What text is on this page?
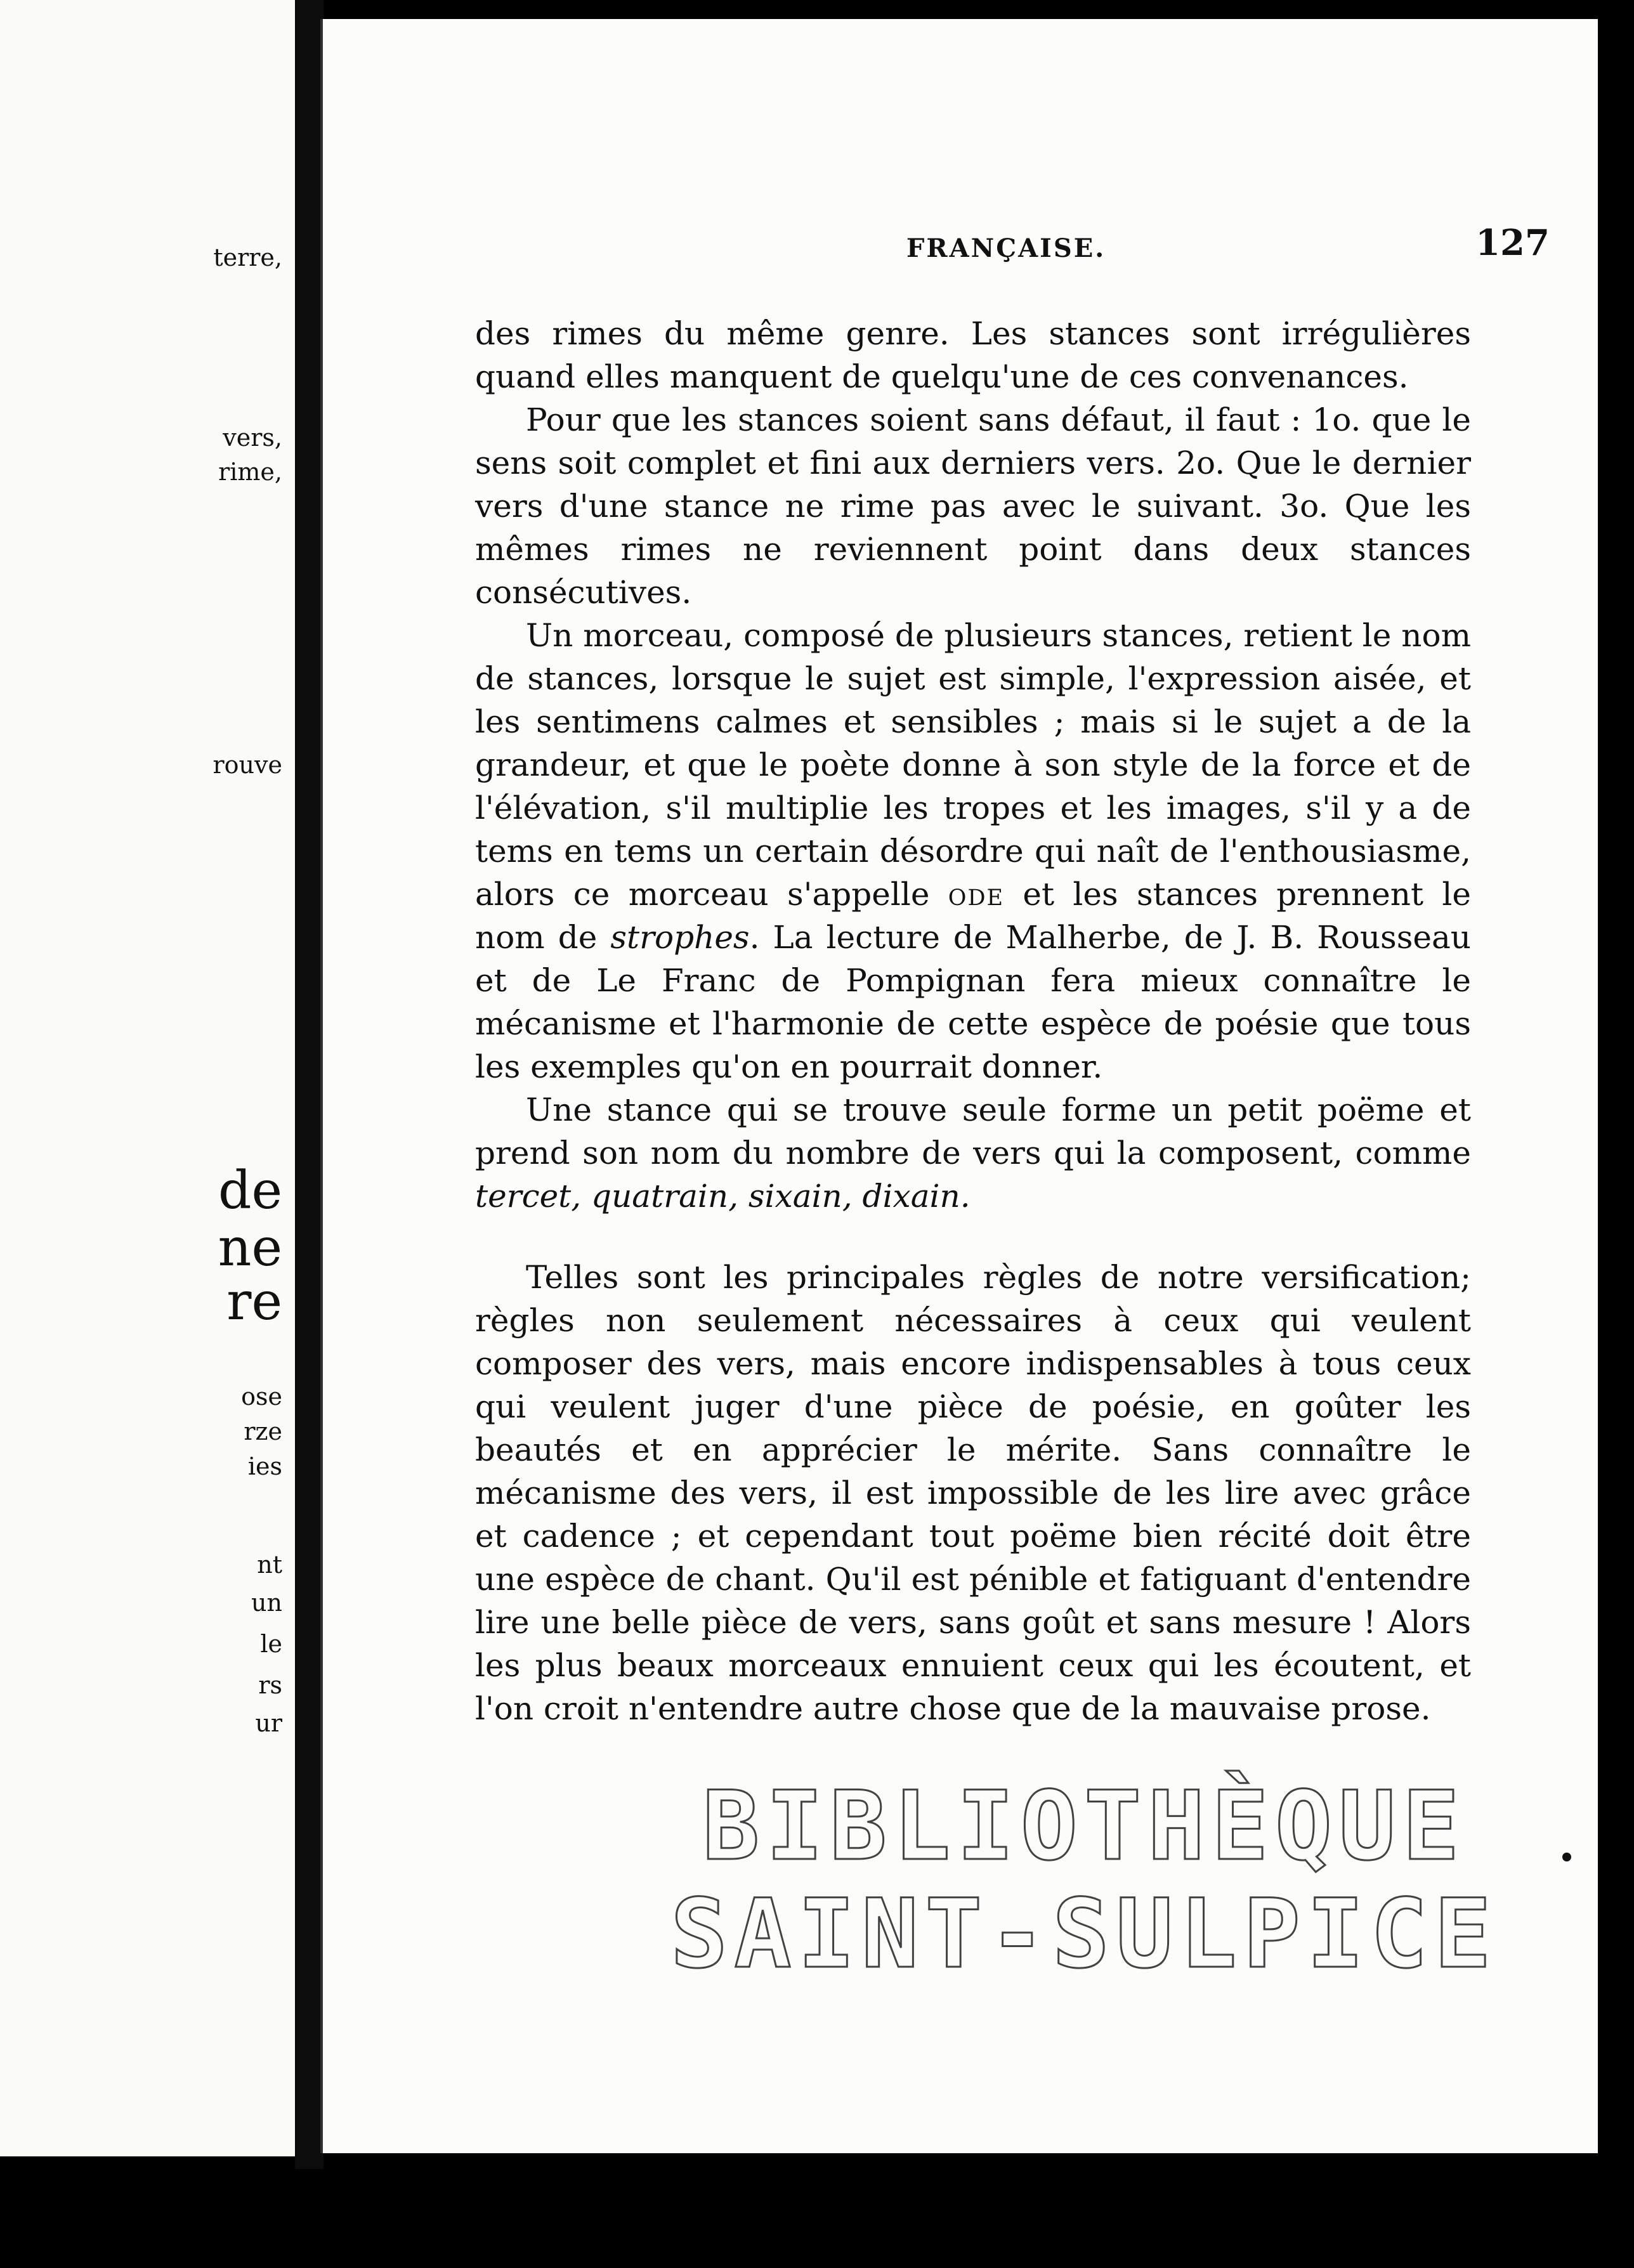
terre,
vers,
rime,
rouve
de
ne
re
ose
rze
ies
nt
un
le
rs
ur
FRANÇAISE.	127

des rimes du même genre. Les stances sont irrégulières quand elles manquent de quelqu'une de ces convenances.

Pour que les stances soient sans défaut, il faut : 1o. que le sens soit complet et fini aux derniers vers. 2o. Que le dernier vers d'une stance ne rime pas avec le suivant. 3o. Que les mêmes rimes ne reviennent point dans deux stances consécutives.

Un morceau, composé de plusieurs stances, retient le nom de stances, lorsque le sujet est simple, l'expression aisée, et les sentimens calmes et sensibles ; mais si le sujet a de la grandeur, et que le poète donne à son style de la force et de l'élévation, s'il multiplie les tropes et les images, s'il y a de tems en tems un certain désordre qui naît de l'enthousiasme, alors ce morceau s'appelle ode et les stances prennent le nom de strophes. La lecture de Malherbe, de J. B. Rousseau et de Le Franc de Pompignan fera mieux connaître le mécanisme et l'harmonie de cette espèce de poésie que tous les exemples qu'on en pourrait donner.

Une stance qui se trouve seule forme un petit poëme et prend son nom du nombre de vers qui la composent, comme tercet, quatrain, sixain, dixain.

Telles sont les principales règles de notre versification; règles non seulement nécessaires à ceux qui veulent composer des vers, mais encore indispensables à tous ceux qui veulent juger d'une pièce de poésie, en goûter les beautés et en apprécier le mérite. Sans connaître le mécanisme des vers, il est impossible de les lire avec grâce et cadence ; et cependant tout poëme bien récité doit être une espèce de chant. Qu'il est pénible et fatiguant d'entendre lire une belle pièce de vers, sans goût et sans mesure ! Alors les plus beaux morceaux ennuient ceux qui les écoutent, et l'on croit n'entendre autre chose que de la mauvaise prose.

BIBLIOTHÈQUE
SAINT-SULPICE
